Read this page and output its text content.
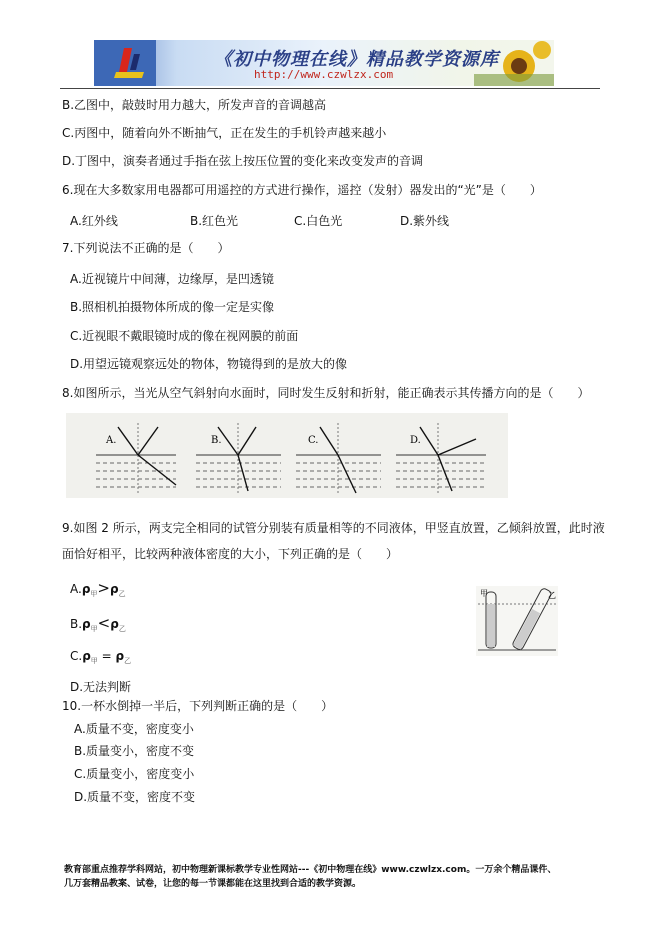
《初中物理在线》精品教学资源库
http://www.czwlzx.com
B.乙图中，敲鼓时用力越大，所发声音的音调越高
C.丙图中，随着向外不断抽气，正在发生的手机铃声越来越小
D.丁图中，演奏者通过手指在弦上按压位置的变化来改变发声的音调
6.现在大多数家用电器都可用遥控的方式进行操作，遥控（发射）器发出的“光”是（　　）
A.红外线	B.红色光	C.白色光	D.紫外线
7.下列说法不正确的是（　　）
A.近视镜片中间薄，边缘厚，是凹透镜
B.照相机拍摄物体所成的像一定是实像
C.近视眼不戴眼镜时成的像在视网膜的前面
D.用望远镜观察远处的物体，物镜得到的是放大的像
8.如图所示，当光从空气斜射向水面时，同时发生反射和折射，能正确表示其传播方向的是（　　）
A.	B.	C.	D.
9.如图 2 所示，两支完全相同的试管分别装有质量相等的不同液体，甲竖直放置，乙倾斜放置，此时液
面恰好相平，比较两种液体密度的大小，下列正确的是（　　）
$A.\rho_甲>\rho_乙$
$B.\rho_甲<\rho_乙$
$C.\rho_甲 = \rho_乙$
D.无法判断
甲	乙
10.一杯水倒掉一半后，下列判断正确的是（　　）
A.质量不变，密度变小
B.质量变小，密度不变
C.质量变小，密度变小
D.质量不变，密度不变
教育部重点推荐学科网站，初中物理新课标教学专业性网站---《初中物理在线》www.czwlzx.com。一万余个精品课件、
几万套精品教案、试卷，让您的每一节课都能在这里找到合适的教学资源。
